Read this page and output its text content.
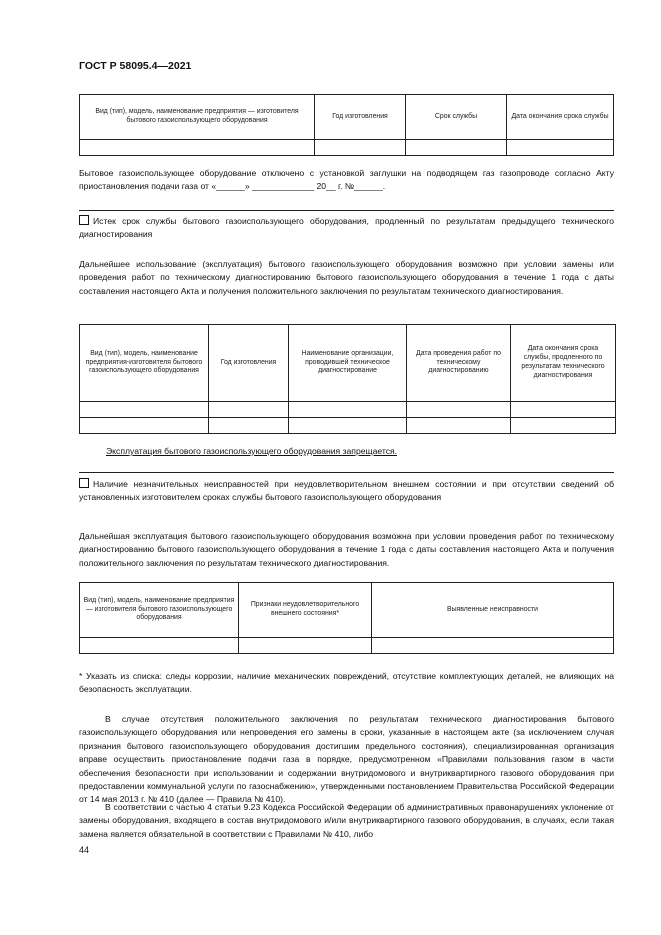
ГОСТ Р 58095.4—2021
Вид (тип), модель, наименование предприятия — изготовителя бытового газоиспользующего оборудования	Год изготовления	Срок службы	Дата окончания срока службы

Бытовое газоиспользующее оборудование отключено с установкой заглушки на подводящем газ газопроводе согласно Акту приостановления подачи газа от «______» _____________ 20__ г. №______.
Истек срок службы бытового газоиспользующего оборудования, продленный по результатам предыдущего технического диагностирования
Дальнейшее использование (эксплуатация) бытового газоиспользующего оборудования возможно при условии замены или проведения работ по техническому диагностированию бытового газоиспользующего оборудования в течение 1 года с даты составления настоящего Акта и получения положительного заключения по результатам технического диагностирования.
Вид (тип), модель, наименование предприятия-изготовителя бытового газоиспользующего оборудования	Год изготовления	Наименование организации, проводившей техническое диагностирование	Дата проведения работ по техническому диагностированию	Дата окончания срока службы, продленного по результатам технического диагностирования

Эксплуатация бытового газоиспользующего оборудования запрещается.
Наличие незначительных неисправностей при неудовлетворительном внешнем состоянии и при отсутствии сведений об установленных изготовителем сроках службы бытового газоиспользующего оборудования
Дальнейшая эксплуатация бытового газоиспользующего оборудования возможна при условии проведения работ по техническому диагностированию бытового газоиспользующего оборудования в течение 1 года с даты составления настоящего Акта и получения положительного заключения по результатам технического диагностирования.
Вид (тип), модель, наименование предприятия — изготовителя бытового газоиспользующего оборудования	Признаки неудовлетворительного внешнего состояния*	Выявленные неисправности

* Указать из списка: следы коррозии, наличие механических повреждений, отсутствие комплектующих деталей, не влияющих на безопасность эксплуатации.
В случае отсутствия положительного заключения по результатам технического диагностирования бытового газоиспользующего оборудования или непроведения его замены в сроки, указанные в настоящем акте (за исключением случая признания бытового газоиспользующего оборудования достигшим предельного состояния), специализированная организация вправе осуществить приостановление подачи газа в порядке, предусмотренном «Правилами пользования газом в части обеспечения безопасности при использовании и содержании внутридомового и внутриквартирного газового оборудования при предоставлении коммунальной услуги по газоснабжению», утвержденными постановлением Правительства Российской Федерации от 14 мая 2013 г. № 410 (далее — Правила № 410).
В соответствии с частью 4 статьи 9.23 Кодекса Российской Федерации об административных правонарушениях уклонение от замены оборудования, входящего в состав внутридомового и/или внутриквартирного газового оборудования, в случаях, если такая замена является обязательной в соответствии с Правилами № 410, либо
44
